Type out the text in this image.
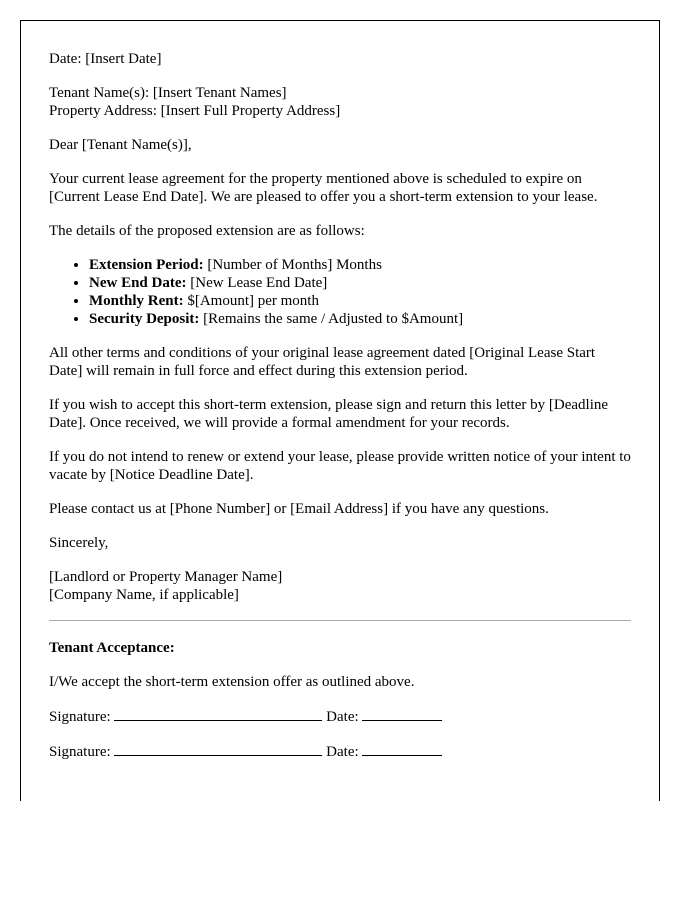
Date: [Insert Date]

Tenant Name(s): [Insert Tenant Names]

Property Address: [Insert Full Property Address]

Dear [Tenant Name(s)],

Your current lease agreement for the property mentioned above is scheduled to expire on [Current Lease End Date]. We are pleased to offer you a short-term extension to your lease.

The details of the proposed extension are as follows:

• Extension Period: [Number of Months] Months
• New End Date: [New Lease End Date]
• Monthly Rent: $[Amount] per month
• Security Deposit: [Remains the same / Adjusted to $Amount]

All other terms and conditions of your original lease agreement dated [Original Lease Start Date] will remain in full force and effect during this extension period.

If you wish to accept this short-term extension, please sign and return this letter by [Deadline Date]. Once received, we will provide a formal amendment for your records.

If you do not intend to renew or extend your lease, please provide written notice of your intent to vacate by [Notice Deadline Date].

Please contact us at [Phone Number] or [Email Address] if you have any questions.

Sincerely,

[Landlord or Property Manager Name]

[Company Name, if applicable]

Tenant Acceptance:

I/We accept the short-term extension offer as outlined above.

Signature:	Date:

Signature:	Date:
